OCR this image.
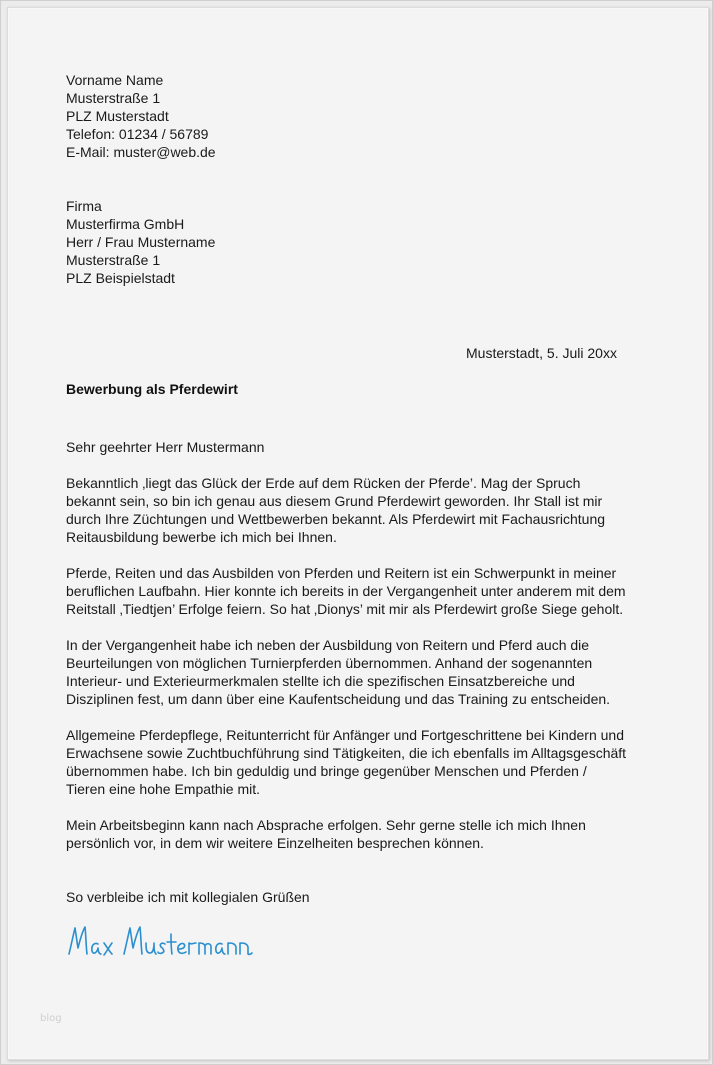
Vorname Name
Musterstraße 1
PLZ Musterstadt
Telefon: 01234 / 56789
E-Mail: muster@web.de
Firma
Musterfirma GmbH
Herr / Frau Mustername
Musterstraße 1
PLZ Beispielstadt
Musterstadt, 5. Juli 20xx
Bewerbung als Pferdewirt
Sehr geehrter Herr Mustermann
Bekanntlich ‚liegt das Glück der Erde auf dem Rücken der Pferde’. Mag der Spruch
bekannt sein, so bin ich genau aus diesem Grund Pferdewirt geworden. Ihr Stall ist mir
durch Ihre Züchtungen und Wettbewerben bekannt. Als Pferdewirt mit Fachausrichtung
Reitausbildung bewerbe ich mich bei Ihnen.
Pferde, Reiten und das Ausbilden von Pferden und Reitern ist ein Schwerpunkt in meiner
beruflichen Laufbahn. Hier konnte ich bereits in der Vergangenheit unter anderem mit dem
Reitstall ‚Tiedtjen’ Erfolge feiern. So hat ‚Dionys’ mit mir als Pferdewirt große Siege geholt.
In der Vergangenheit habe ich neben der Ausbildung von Reitern und Pferd auch die
Beurteilungen von möglichen Turnierpferden übernommen. Anhand der sogenannten
Interieur- und Exterieurmerkmalen stellte ich die spezifischen Einsatzbereiche und
Disziplinen fest, um dann über eine Kaufentscheidung und das Training zu entscheiden.
Allgemeine Pferdepflege, Reitunterricht für Anfänger und Fortgeschrittene bei Kindern und
Erwachsene sowie Zuchtbuchführung sind Tätigkeiten, die ich ebenfalls im Alltagsgeschäft
übernommen habe. Ich bin geduldig und bringe gegenüber Menschen und Pferden /
Tieren eine hohe Empathie mit.
Mein Arbeitsbeginn kann nach Absprache erfolgen. Sehr gerne stelle ich mich Ihnen
persönlich vor, in dem wir weitere Einzelheiten besprechen können.
So verbleibe ich mit kollegialen Grüßen
blog
